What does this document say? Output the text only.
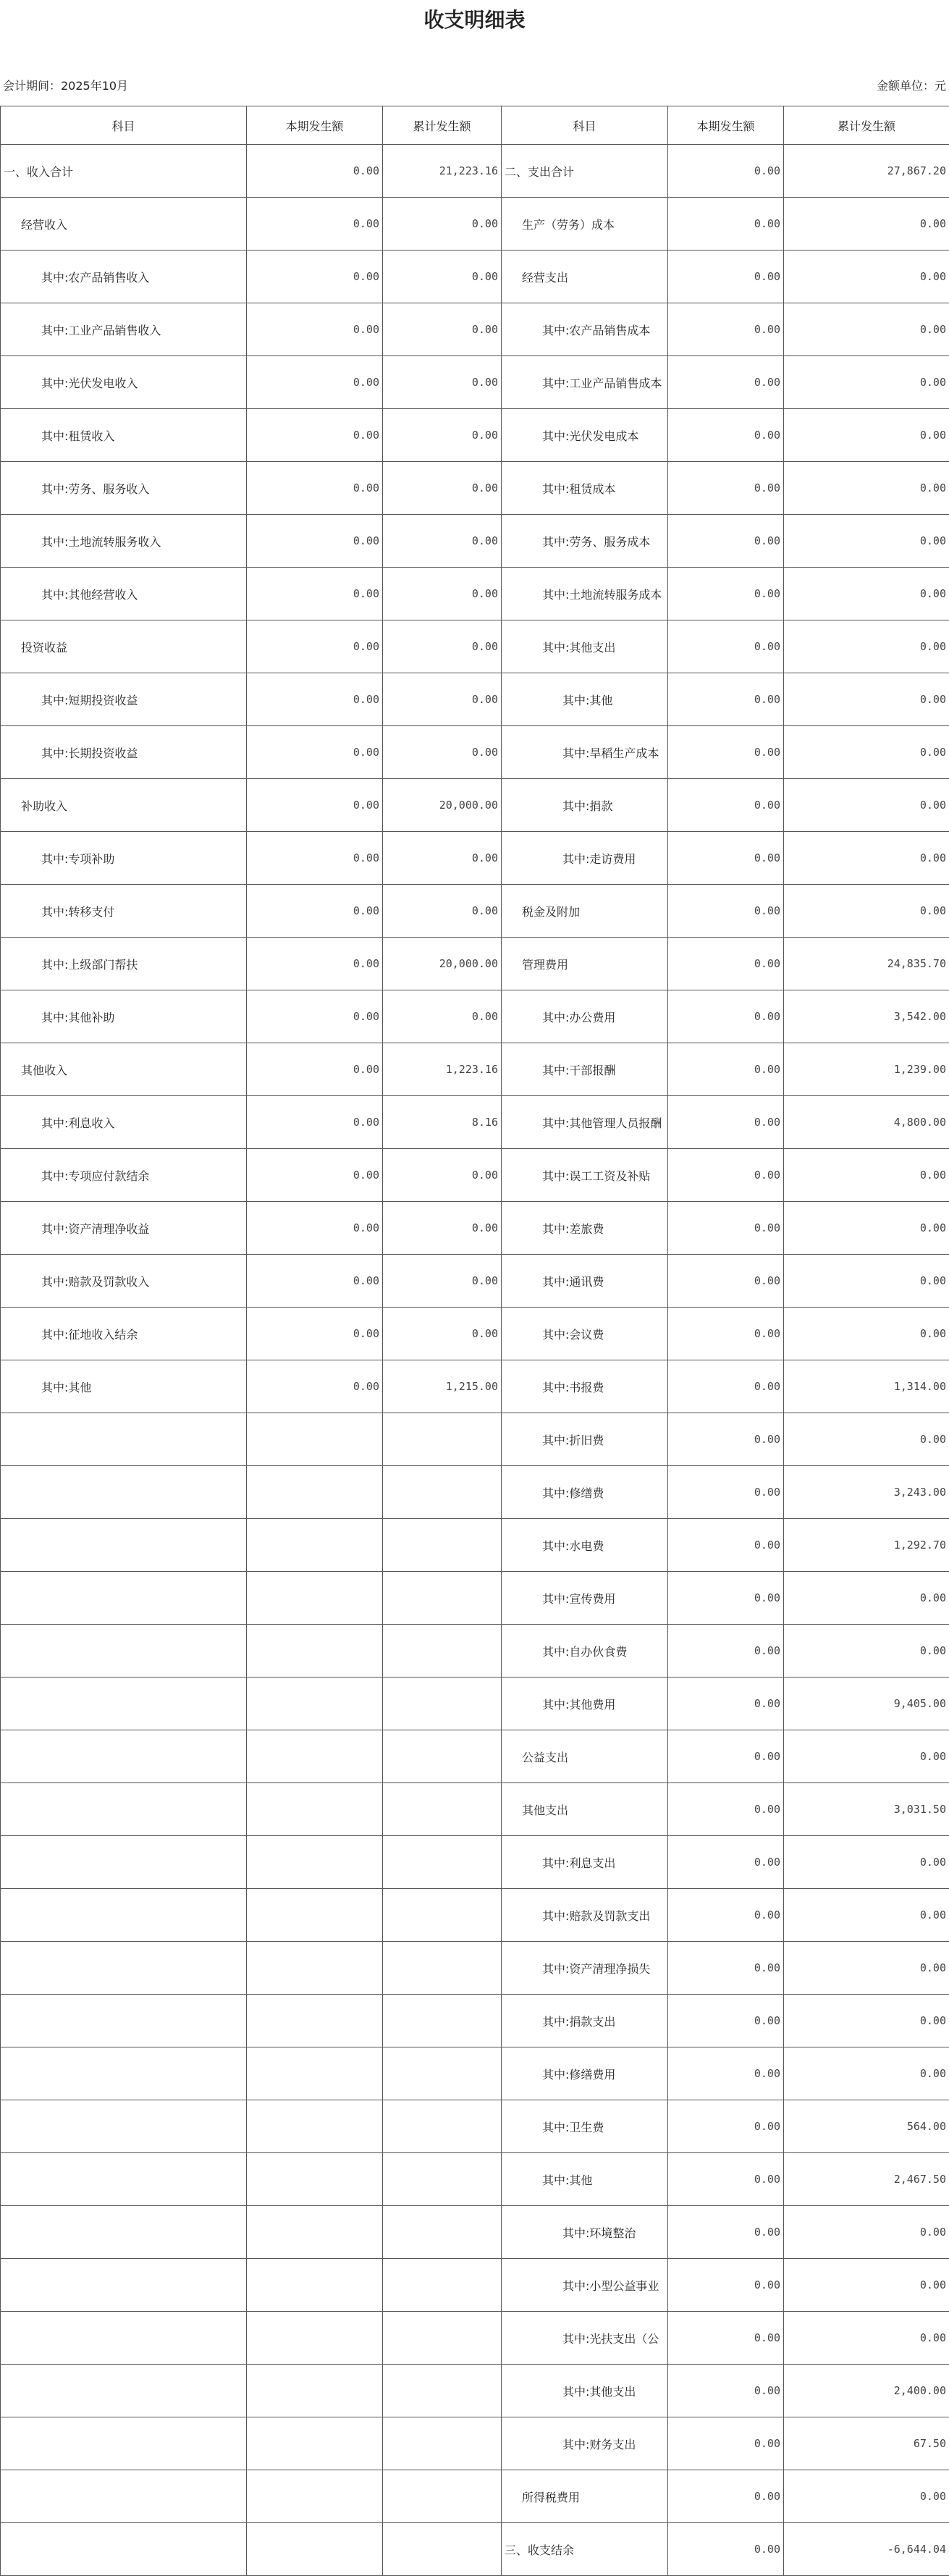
收支明细表
会计期间：2025年10月	金额单位：元
科目	本期发生额	累计发生额	科目	本期发生额	累计发生额
一、收入合计	0.00	21,223.16	二、支出合计	0.00	27,867.20
经营收入	0.00	0.00	生产（劳务）成本	0.00	0.00
其中:农产品销售收入	0.00	0.00	经营支出	0.00	0.00
其中:工业产品销售收入	0.00	0.00	其中:农产品销售成本	0.00	0.00
其中:光伏发电收入	0.00	0.00	其中:工业产品销售成本	0.00	0.00
其中:租赁收入	0.00	0.00	其中:光伏发电成本	0.00	0.00
其中:劳务、服务收入	0.00	0.00	其中:租赁成本	0.00	0.00
其中:土地流转服务收入	0.00	0.00	其中:劳务、服务成本	0.00	0.00
其中:其他经营收入	0.00	0.00	其中:土地流转服务成本	0.00	0.00
投资收益	0.00	0.00	其中:其他支出	0.00	0.00
其中:短期投资收益	0.00	0.00	其中:其他	0.00	0.00
其中:长期投资收益	0.00	0.00	其中:旱稻生产成本	0.00	0.00
补助收入	0.00	20,000.00	其中:捐款	0.00	0.00
其中:专项补助	0.00	0.00	其中:走访费用	0.00	0.00
其中:转移支付	0.00	0.00	税金及附加	0.00	0.00
其中:上级部门帮扶	0.00	20,000.00	管理费用	0.00	24,835.70
其中:其他补助	0.00	0.00	其中:办公费用	0.00	3,542.00
其他收入	0.00	1,223.16	其中:干部报酬	0.00	1,239.00
其中:利息收入	0.00	8.16	其中:其他管理人员报酬	0.00	4,800.00
其中:专项应付款结余	0.00	0.00	其中:误工工资及补贴	0.00	0.00
其中:资产清理净收益	0.00	0.00	其中:差旅费	0.00	0.00
其中:赔款及罚款收入	0.00	0.00	其中:通讯费	0.00	0.00
其中:征地收入结余	0.00	0.00	其中:会议费	0.00	0.00
其中:其他	0.00	1,215.00	其中:书报费	0.00	1,314.00
			其中:折旧费	0.00	0.00
			其中:修缮费	0.00	3,243.00
			其中:水电费	0.00	1,292.70
			其中:宣传费用	0.00	0.00
			其中:自办伙食费	0.00	0.00
			其中:其他费用	0.00	9,405.00
			公益支出	0.00	0.00
			其他支出	0.00	3,031.50
			其中:利息支出	0.00	0.00
			其中:赔款及罚款支出	0.00	0.00
			其中:资产清理净损失	0.00	0.00
			其中:捐款支出	0.00	0.00
			其中:修缮费用	0.00	0.00
			其中:卫生费	0.00	564.00
			其中:其他	0.00	2,467.50
			其中:环境整治	0.00	0.00
			其中:小型公益事业	0.00	0.00
			其中:光扶支出（公	0.00	0.00
			其中:其他支出	0.00	2,400.00
			其中:财务支出	0.00	67.50
			所得税费用	0.00	0.00
			三、收支结余	0.00	-6,644.04
